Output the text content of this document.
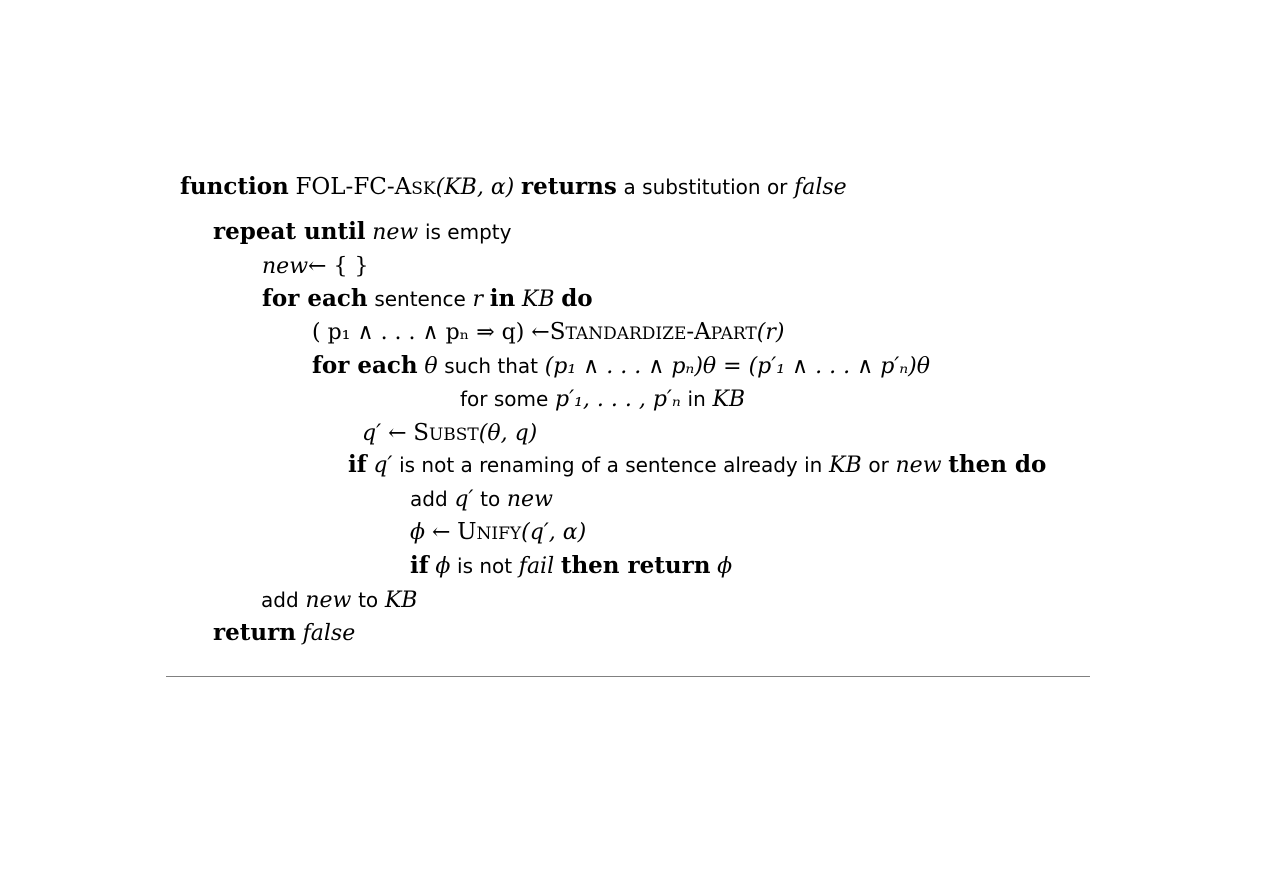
function FOL-FC-ASK(KB, α) returns a substitution or false
repeat until new is empty
new← { }
for each sentence r in KB do
( p₁ ∧ . . . ∧ pₙ ⇒ q) ←STANDARDIZE-APART(r)
for each θ such that (p₁ ∧ . . . ∧ pₙ)θ = (p′₁ ∧ . . . ∧ p′ₙ)θ
for some p′₁, . . . , p′ₙ in KB
q′ ← SUBST(θ, q)
if q′ is not a renaming of a sentence already in KB or new then do
add q′ to new
ϕ ← UNIFY(q′, α)
if ϕ is not fail then return ϕ
add new to KB
return false
